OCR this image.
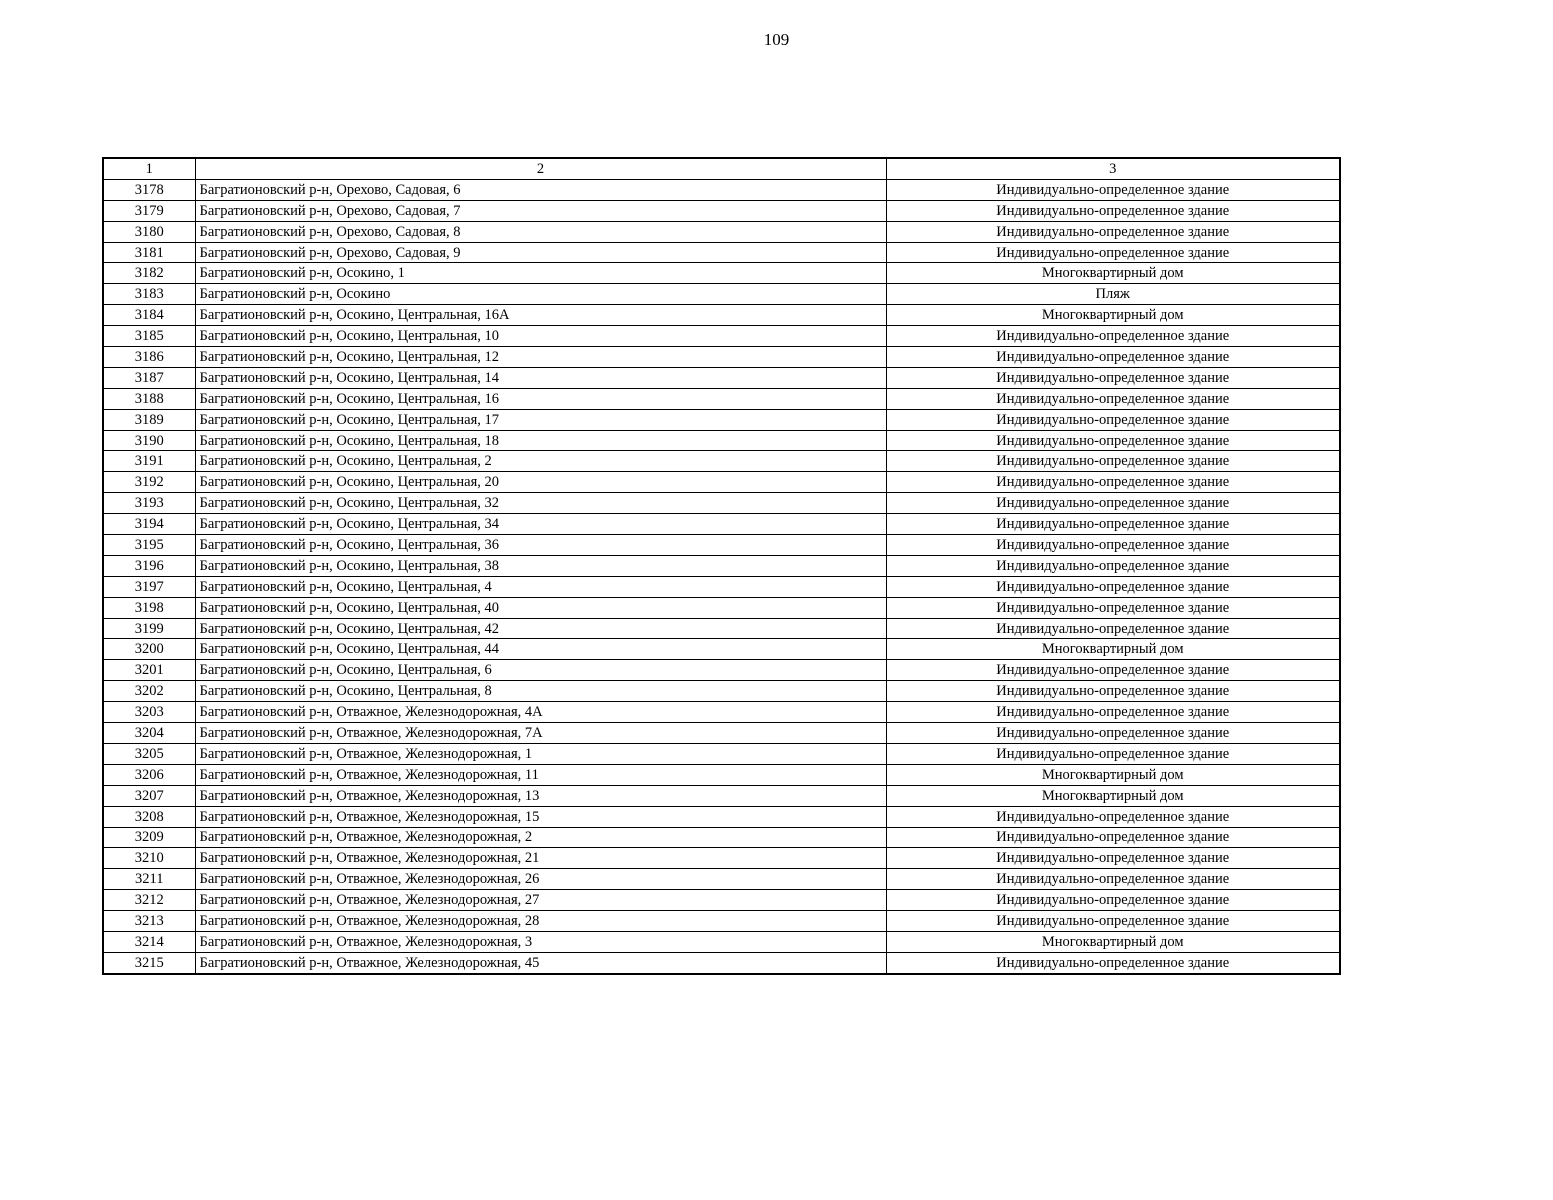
109
1	2	3
3178	Багратионовский р-н, Орехово, Садовая, 6	Индивидуально-определенное здание
3179	Багратионовский р-н, Орехово, Садовая, 7	Индивидуально-определенное здание
3180	Багратионовский р-н, Орехово, Садовая, 8	Индивидуально-определенное здание
3181	Багратионовский р-н, Орехово, Садовая, 9	Индивидуально-определенное здание
3182	Багратионовский р-н, Осокино, 1	Многоквартирный дом
3183	Багратионовский р-н, Осокино	Пляж
3184	Багратионовский р-н, Осокино, Центральная, 16А	Многоквартирный дом
3185	Багратионовский р-н, Осокино, Центральная, 10	Индивидуально-определенное здание
3186	Багратионовский р-н, Осокино, Центральная, 12	Индивидуально-определенное здание
3187	Багратионовский р-н, Осокино, Центральная, 14	Индивидуально-определенное здание
3188	Багратионовский р-н, Осокино, Центральная, 16	Индивидуально-определенное здание
3189	Багратионовский р-н, Осокино, Центральная, 17	Индивидуально-определенное здание
3190	Багратионовский р-н, Осокино, Центральная, 18	Индивидуально-определенное здание
3191	Багратионовский р-н, Осокино, Центральная, 2	Индивидуально-определенное здание
3192	Багратионовский р-н, Осокино, Центральная, 20	Индивидуально-определенное здание
3193	Багратионовский р-н, Осокино, Центральная, 32	Индивидуально-определенное здание
3194	Багратионовский р-н, Осокино, Центральная, 34	Индивидуально-определенное здание
3195	Багратионовский р-н, Осокино, Центральная, 36	Индивидуально-определенное здание
3196	Багратионовский р-н, Осокино, Центральная, 38	Индивидуально-определенное здание
3197	Багратионовский р-н, Осокино, Центральная, 4	Индивидуально-определенное здание
3198	Багратионовский р-н, Осокино, Центральная, 40	Индивидуально-определенное здание
3199	Багратионовский р-н, Осокино, Центральная, 42	Индивидуально-определенное здание
3200	Багратионовский р-н, Осокино, Центральная, 44	Многоквартирный дом
3201	Багратионовский р-н, Осокино, Центральная, 6	Индивидуально-определенное здание
3202	Багратионовский р-н, Осокино, Центральная, 8	Индивидуально-определенное здание
3203	Багратионовский р-н, Отважное, Железнодорожная, 4А	Индивидуально-определенное здание
3204	Багратионовский р-н, Отважное, Железнодорожная, 7А	Индивидуально-определенное здание
3205	Багратионовский р-н, Отважное, Железнодорожная, 1	Индивидуально-определенное здание
3206	Багратионовский р-н, Отважное, Железнодорожная, 11	Многоквартирный дом
3207	Багратионовский р-н, Отважное, Железнодорожная, 13	Многоквартирный дом
3208	Багратионовский р-н, Отважное, Железнодорожная, 15	Индивидуально-определенное здание
3209	Багратионовский р-н, Отважное, Железнодорожная, 2	Индивидуально-определенное здание
3210	Багратионовский р-н, Отважное, Железнодорожная, 21	Индивидуально-определенное здание
3211	Багратионовский р-н, Отважное, Железнодорожная, 26	Индивидуально-определенное здание
3212	Багратионовский р-н, Отважное, Железнодорожная, 27	Индивидуально-определенное здание
3213	Багратионовский р-н, Отважное, Железнодорожная, 28	Индивидуально-определенное здание
3214	Багратионовский р-н, Отважное, Железнодорожная, 3	Многоквартирный дом
3215	Багратионовский р-н, Отважное, Железнодорожная, 45	Индивидуально-определенное здание
